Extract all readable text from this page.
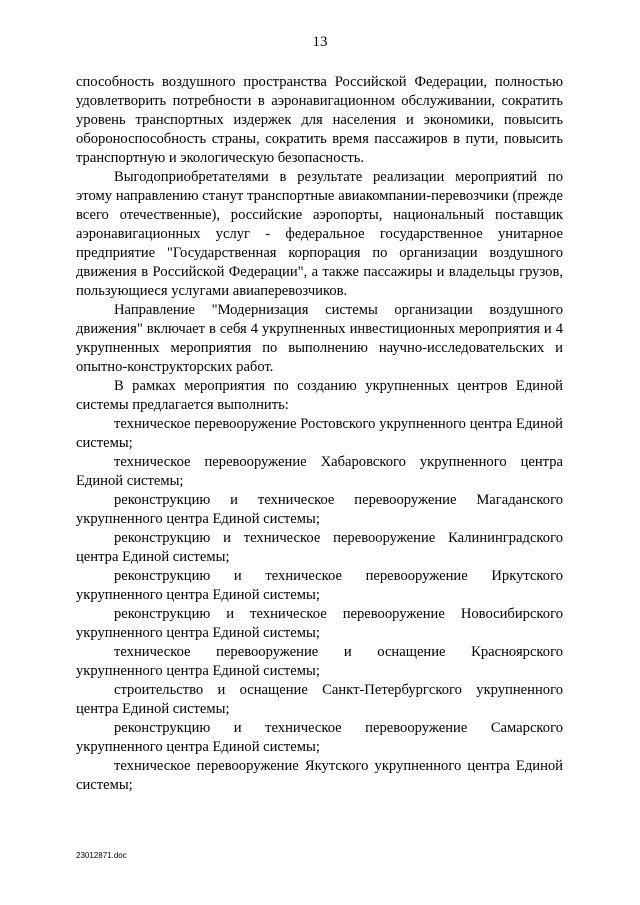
13

способность воздушного пространства Российской Федерации, полностью удовлетворить потребности в аэронавигационном обслуживании, сократить уровень транспортных издержек для населения и экономики, повысить обороноспособность страны, сократить время пассажиров в пути, повысить транспортную и экологическую безопасность.

Выгодоприобретателями в результате реализации мероприятий по этому направлению станут транспортные авиакомпании-перевозчики (прежде всего отечественные), российские аэропорты, национальный поставщик аэронавигационных услуг - федеральное государственное унитарное предприятие "Государственная корпорация по организации воздушного движения в Российской Федерации", а также пассажиры и владельцы грузов, пользующиеся услугами авиаперевозчиков.

Направление "Модернизация системы организации воздушного движения" включает в себя 4 укрупненных инвестиционных мероприятия и 4 укрупненных мероприятия по выполнению научно-исследовательских и опытно-конструкторских работ.

В рамках мероприятия по созданию укрупненных центров Единой системы предлагается выполнить:

техническое перевооружение Ростовского укрупненного центра Единой системы;

техническое перевооружение Хабаровского укрупненного центра Единой системы;

реконструкцию и техническое перевооружение Магаданского укрупненного центра Единой системы;

реконструкцию и техническое перевооружение Калининградского центра Единой системы;

реконструкцию и техническое перевооружение Иркутского укрупненного центра Единой системы;

реконструкцию и техническое перевооружение Новосибирского укрупненного центра Единой системы;

техническое перевооружение и оснащение Красноярского укрупненного центра Единой системы;

строительство и оснащение Санкт-Петербургского укрупненного центра Единой системы;

реконструкцию и техническое перевооружение Самарского укрупненного центра Единой системы;

техническое перевооружение Якутского укрупненного центра Единой системы;

23012871.doc
